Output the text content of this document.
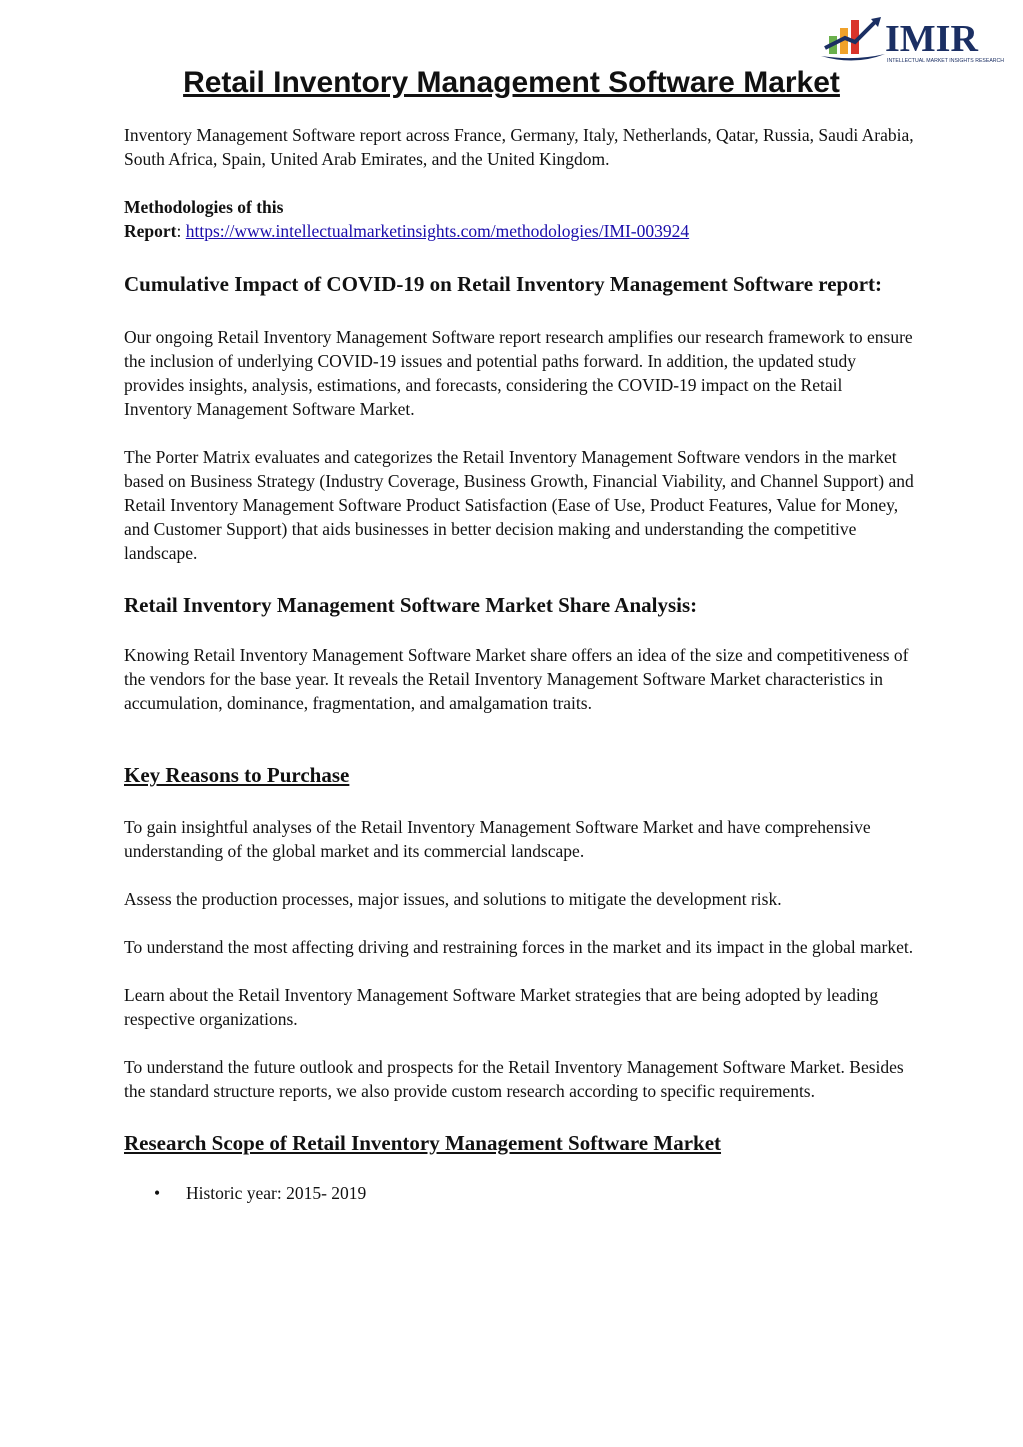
IMIR
INTELLECTUAL MARKET INSIGHTS RESEARCH
Retail Inventory Management Software Market

Inventory Management Software report across France, Germany, Italy, Netherlands, Qatar, Russia, Saudi Arabia, South Africa, Spain, United Arab Emirates, and the United Kingdom.

Methodologies of this
Report: https://www.intellectualmarketinsights.com/methodologies/IMI-003924

Cumulative Impact of COVID-19 on Retail Inventory Management Software report:

Our ongoing Retail Inventory Management Software report research amplifies our research framework to ensure the inclusion of underlying COVID-19 issues and potential paths forward. In addition, the updated study provides insights, analysis, estimations, and forecasts, considering the COVID-19 impact on the Retail Inventory Management Software Market.

The Porter Matrix evaluates and categorizes the Retail Inventory Management Software vendors in the market based on Business Strategy (Industry Coverage, Business Growth, Financial Viability, and Channel Support) and Retail Inventory Management Software Product Satisfaction (Ease of Use, Product Features, Value for Money, and Customer Support) that aids businesses in better decision making and understanding the competitive landscape.

Retail Inventory Management Software Market Share Analysis:

Knowing Retail Inventory Management Software Market share offers an idea of the size and competitiveness of the vendors for the base year. It reveals the Retail Inventory Management Software Market characteristics in accumulation, dominance, fragmentation, and amalgamation traits.

Key Reasons to Purchase

To gain insightful analyses of the Retail Inventory Management Software Market and have comprehensive understanding of the global market and its commercial landscape.

Assess the production processes, major issues, and solutions to mitigate the development risk.

To understand the most affecting driving and restraining forces in the market and its impact in the global market.

Learn about the Retail Inventory Management Software Market strategies that are being adopted by leading respective organizations.

To understand the future outlook and prospects for the Retail Inventory Management Software Market. Besides the standard structure reports, we also provide custom research according to specific requirements.

Research Scope of Retail Inventory Management Software Market
• Historic year: 2015- 2019
